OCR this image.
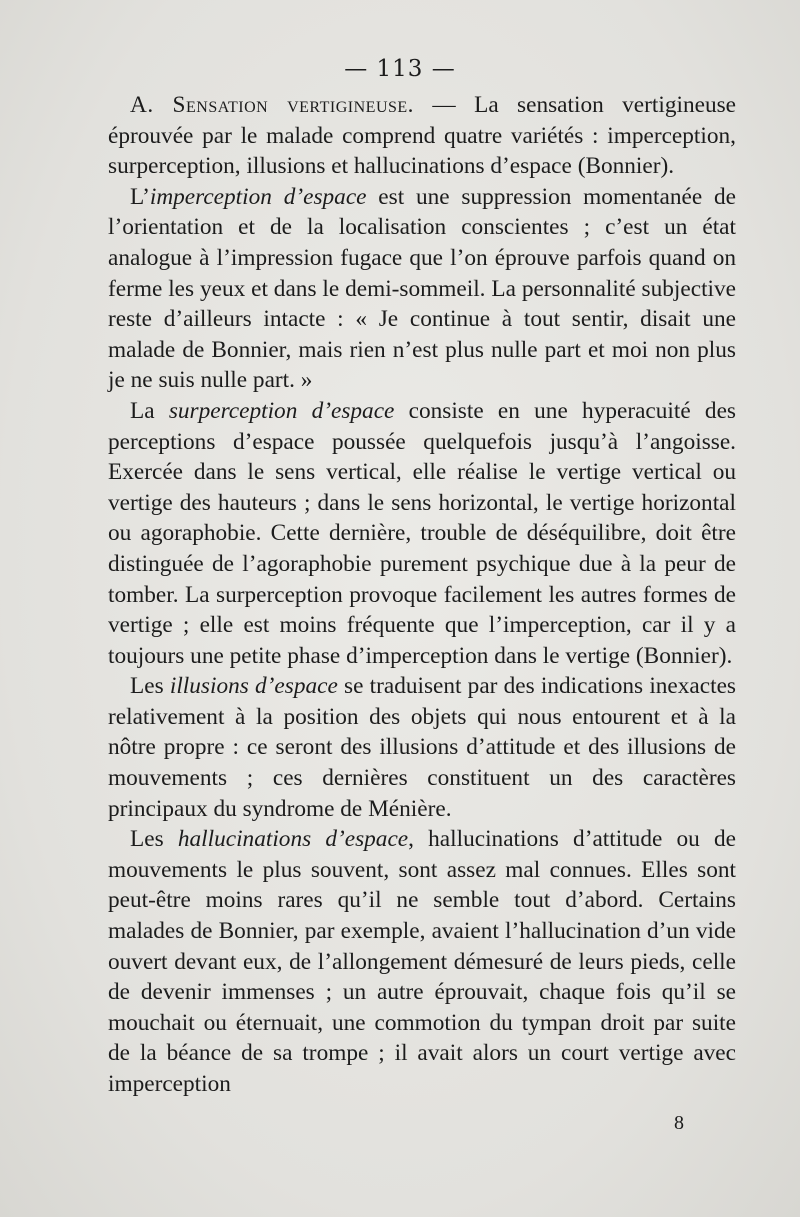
— 113 —

A. Sensation vertigineuse. — La sensation vertigineuse éprouvée par le malade comprend quatre variétés : imperception, surperception, illusions et hallucinations d’espace (Bonnier).

L’imperception d’espace est une suppression momentanée de l’orientation et de la localisation conscientes ; c’est un état analogue à l’impression fugace que l’on éprouve parfois quand on ferme les yeux et dans le demi-sommeil. La personnalité subjective reste d’ailleurs intacte : « Je continue à tout sentir, disait une malade de Bonnier, mais rien n’est plus nulle part et moi non plus je ne suis nulle part. »

La surperception d’espace consiste en une hyperacuité des perceptions d’espace poussée quelquefois jusqu’à l’angoisse. Exercée dans le sens vertical, elle réalise le vertige vertical ou vertige des hauteurs ; dans le sens horizontal, le vertige horizontal ou agoraphobie. Cette dernière, trouble de déséquilibre, doit être distinguée de l’agoraphobie purement psychique due à la peur de tomber. La surperception provoque facilement les autres formes de vertige ; elle est moins fréquente que l’imperception, car il y a toujours une petite phase d’imperception dans le vertige (Bonnier).

Les illusions d’espace se traduisent par des indications inexactes relativement à la position des objets qui nous entourent et à la nôtre propre : ce seront des illusions d’attitude et des illusions de mouvements ; ces dernières constituent un des caractères principaux du syndrome de Ménière.

Les hallucinations d’espace, hallucinations d’attitude ou de mouvements le plus souvent, sont assez mal connues. Elles sont peut-être moins rares qu’il ne semble tout d’abord. Certains malades de Bonnier, par exemple, avaient l’hallucination d’un vide ouvert devant eux, de l’allongement démesuré de leurs pieds, celle de devenir immenses ; un autre éprouvait, chaque fois qu’il se mouchait ou éternuait, une commotion du tympan droit par suite de la béance de sa trompe ; il avait alors un court vertige avec imperception

8
